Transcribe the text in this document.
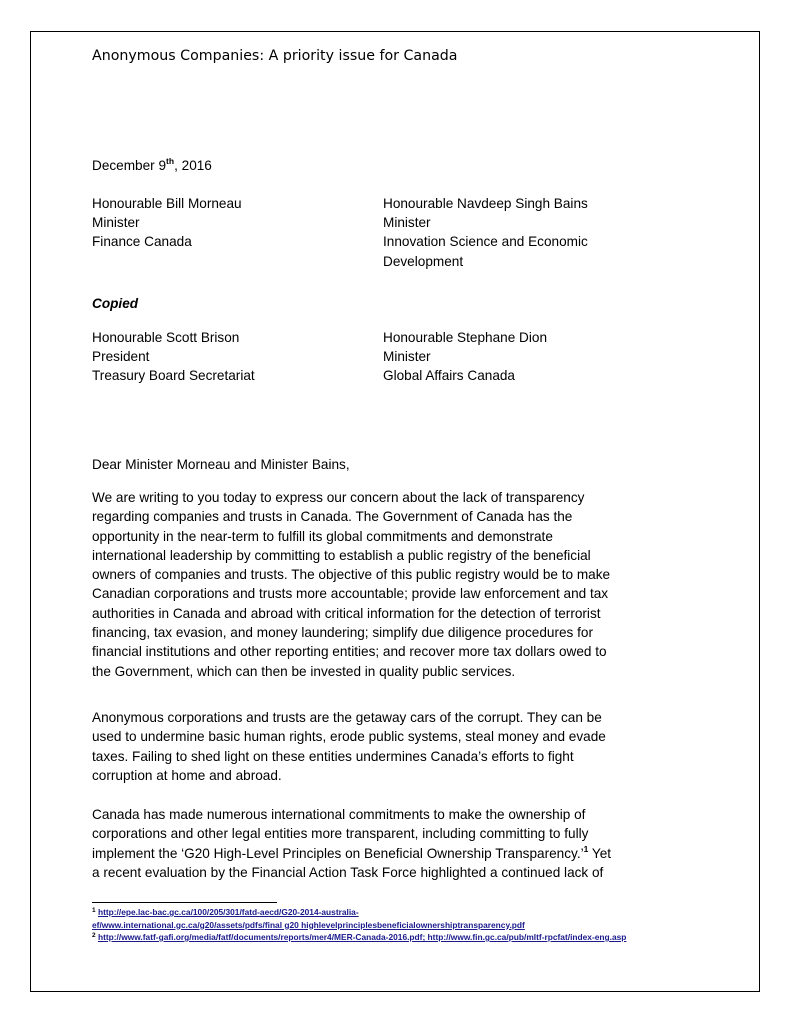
Anonymous Companies: A priority issue for Canada
December 9th, 2016
Honourable Bill Morneau
Minister
Finance Canada
Honourable Navdeep Singh Bains
Minister
Innovation Science and Economic
Development
Copied
Honourable Scott Brison
President
Treasury Board Secretariat
Honourable Stephane Dion
Minister
Global Affairs Canada
Dear Minister Morneau and Minister Bains,
We are writing to you today to express our concern about the lack of transparency
regarding companies and trusts in Canada. The Government of Canada has the
opportunity in the near-term to fulfill its global commitments and demonstrate
international leadership by committing to establish a public registry of the beneficial
owners of companies and trusts. The objective of this public registry would be to make
Canadian corporations and trusts more accountable; provide law enforcement and tax
authorities in Canada and abroad with critical information for the detection of terrorist
financing, tax evasion, and money laundering; simplify due diligence procedures for
financial institutions and other reporting entities; and recover more tax dollars owed to
the Government, which can then be invested in quality public services.
Anonymous corporations and trusts are the getaway cars of the corrupt. They can be
used to undermine basic human rights, erode public systems, steal money and evade
taxes. Failing to shed light on these entities undermines Canada’s efforts to fight
corruption at home and abroad.
Canada has made numerous international commitments to make the ownership of
corporations and other legal entities more transparent, including committing to fully
implement the ‘G20 High-Level Principles on Beneficial Ownership Transparency.’$^1$ Yet
a recent evaluation by the Financial Action Task Force highlighted a continued lack of
$^1$ http://epe.lac-bac.gc.ca/100/205/301/fatd-aecd/G20-2014-australia-
ef/www.international.gc.ca/g20/assets/pdfs/final g20 highlevelprinciplesbeneficialownershiptransparency.pdf
$^2$ http://www.fatf-gafi.org/media/fatf/documents/reports/mer4/MER-Canada-2016.pdf; http://www.fin.gc.ca/pub/mltf-rpcfat/index-eng.asp
